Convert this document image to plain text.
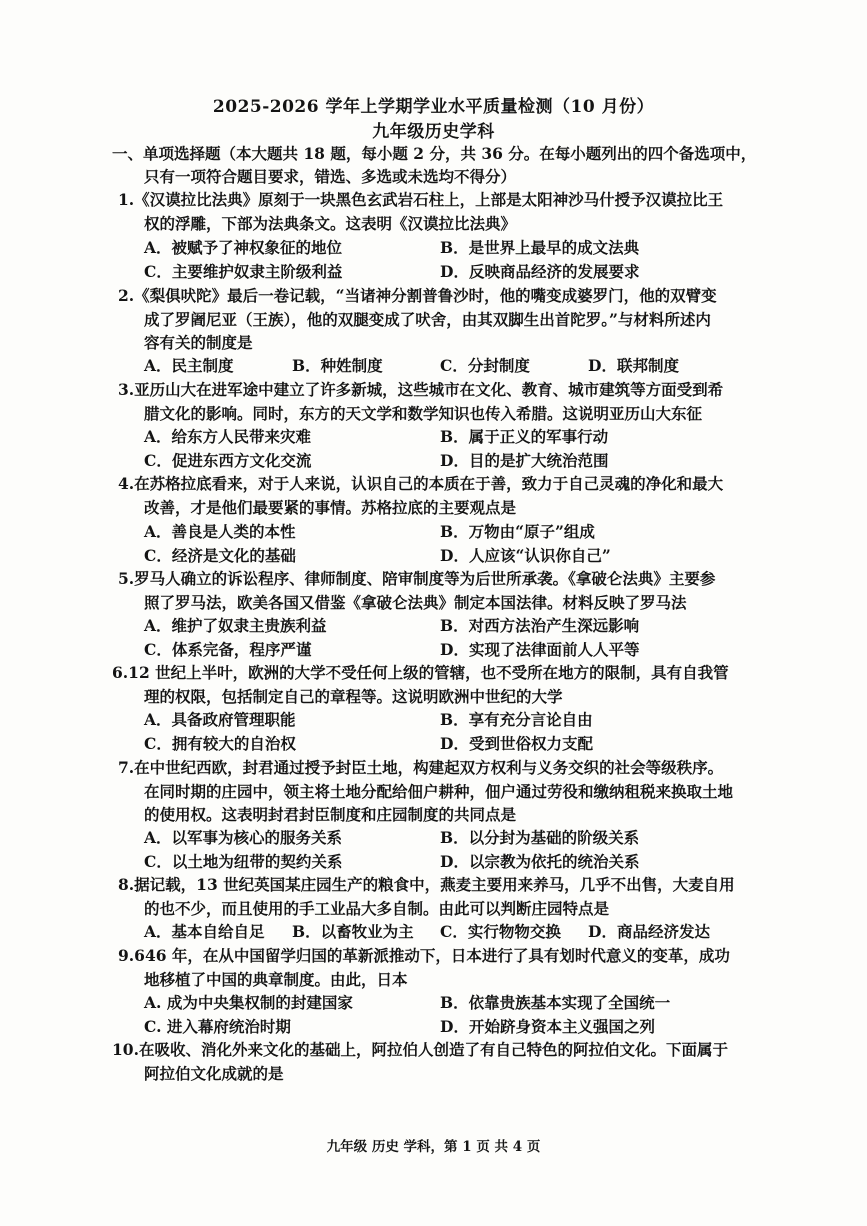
2025-2026 学年上学期学业水平质量检测（10 月份）
九年级历史学科
一、单项选择题（本大题共 18 题，每小题 2 分，共 36 分。在每小题列出的四个备选项中，
只有一项符合题目要求，错选、多选或未选均不得分）
1.《汉谟拉比法典》原刻于一块黑色玄武岩石柱上，上部是太阳神沙马什授予汉谟拉比王
权的浮雕，下部为法典条文。这表明《汉谟拉比法典》
A．被赋予了神权象征的地位	B．是世界上最早的成文法典
C．主要维护奴隶主阶级利益	D．反映商品经济的发展要求
2.《梨俱吠陀》最后一卷记载，“当诸神分割普鲁沙时，他的嘴变成婆罗门，他的双臂变
成了罗阇尼亚（王族），他的双腿变成了吠舍，由其双脚生出首陀罗。”与材料所述内
容有关的制度是
A．民主制度	B．种姓制度	C．分封制度	D．联邦制度
3.亚历山大在进军途中建立了许多新城，这些城市在文化、教育、城市建筑等方面受到希
腊文化的影响。同时，东方的天文学和数学知识也传入希腊。这说明亚历山大东征
A．给东方人民带来灾难	B．属于正义的军事行动
C．促进东西方文化交流	D．目的是扩大统治范围
4.在苏格拉底看来，对于人来说，认识自己的本质在于善，致力于自己灵魂的净化和最大
改善，才是他们最要紧的事情。苏格拉底的主要观点是
A．善良是人类的本性	B．万物由“原子”组成
C．经济是文化的基础	D．人应该“认识你自己”
5.罗马人确立的诉讼程序、律师制度、陪审制度等为后世所承袭。《拿破仑法典》主要参
照了罗马法，欧美各国又借鉴《拿破仑法典》制定本国法律。材料反映了罗马法
A．维护了奴隶主贵族利益	B．对西方法治产生深远影响
C．体系完备，程序严谨	D．实现了法律面前人人平等
6.12 世纪上半叶，欧洲的大学不受任何上级的管辖，也不受所在地方的限制，具有自我管
理的权限，包括制定自己的章程等。这说明欧洲中世纪的大学
A．具备政府管理职能	B．享有充分言论自由
C．拥有较大的自治权	D．受到世俗权力支配
7.在中世纪西欧，封君通过授予封臣土地，构建起双方权利与义务交织的社会等级秩序。
在同时期的庄园中，领主将土地分配给佃户耕种，佃户通过劳役和缴纳租税来换取土地
的使用权。这表明封君封臣制度和庄园制度的共同点是
A．以军事为核心的服务关系	B．以分封为基础的阶级关系
C．以土地为纽带的契约关系	D．以宗教为依托的统治关系
8.据记载，13 世纪英国某庄园生产的粮食中，燕麦主要用来养马，几乎不出售，大麦自用
的也不少，而且使用的手工业品大多自制。由此可以判断庄园特点是
A．基本自给自足 B．以畜牧业为主 C．实行物物交换 D．商品经济发达
9.646 年，在从中国留学归国的革新派推动下，日本进行了具有划时代意义的变革，成功
地移植了中国的典章制度。由此，日本
A. 成为中央集权制的封建国家	B．依靠贵族基本实现了全国统一
C. 进入幕府统治时期	D．开始跻身资本主义强国之列
10.在吸收、消化外来文化的基础上，阿拉伯人创造了有自己特色的阿拉伯文化。下面属于
阿拉伯文化成就的是
九年级 历史 学科，第 1 页 共 4 页
